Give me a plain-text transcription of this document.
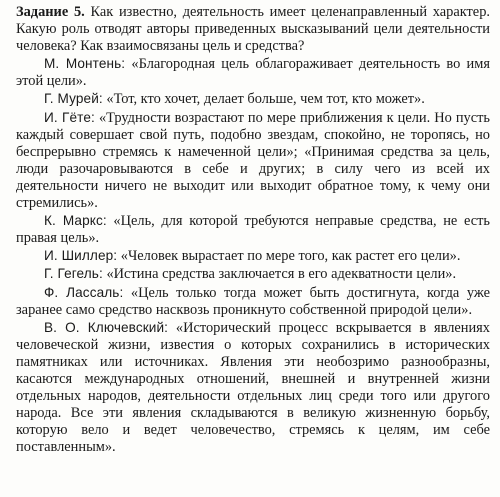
Задание 5. Как известно, деятельность имеет целенаправленный характер. Какую роль отводят авторы приведенных высказываний цели деятельности человека? Как взаимосвязаны цель и средства?

М. Монтень: «Благородная цель облагораживает деятельность во имя этой цели».

Г. Мурей: «Тот, кто хочет, делает больше, чем тот, кто может».

И. Гёте: «Трудности возрастают по мере приближения к цели. Но пусть каждый совершает свой путь, подобно звездам, спокойно, не торопясь, но беспрерывно стремясь к намеченной цели»; «Принимая средства за цель, люди разочаровываются в себе и других; в силу чего из всей их деятельности ничего не выходит или выходит обратное тому, к чему они стремились».

К. Маркс: «Цель, для которой требуются неправые средства, не есть правая цель».

И. Шиллер: «Человек вырастает по мере того, как растет его цели».

Г. Гегель: «Истина средства заключается в его адекватности цели».

Ф. Лассаль: «Цель только тогда может быть достигнута, когда уже заранее само средство насквозь проникнуто собственной природой цели».

В. О. Ключевский: «Исторический процесс вскрывается в явлениях человеческой жизни, известия о которых сохранились в исторических памятниках или источниках. Явления эти необозримо разнообразны, касаются международных отношений, внешней и внутренней жизни отдельных народов, деятельности отдельных лиц среди того или другого народа. Все эти явления складываются в великую жизненную борьбу, которую вело и ведет человечество, стремясь к целям, им себе поставленным».
